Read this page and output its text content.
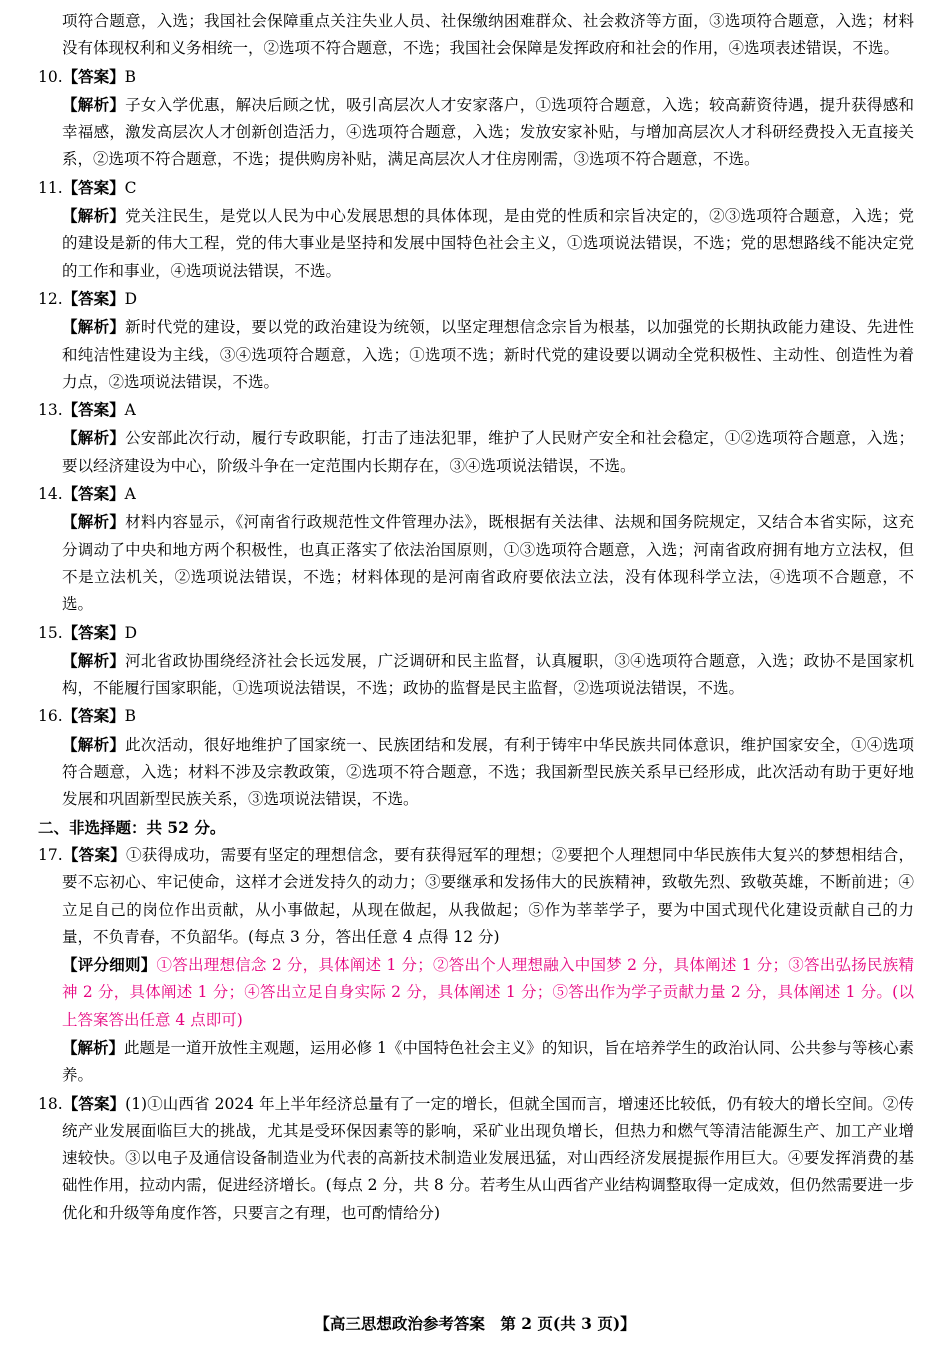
项符合题意，入选；我国社会保障重点关注失业人员、社保缴纳困难群众、社会救济等方面，③选项符合题意，入选；材料没有体现权利和义务相统一，②选项不符合题意，不选；我国社会保障是发挥政府和社会的作用，④选项表述错误，不选。

10.【答案】B

【解析】子女入学优惠，解决后顾之忧，吸引高层次人才安家落户，①选项符合题意，入选；较高薪资待遇，提升获得感和幸福感，激发高层次人才创新创造活力，④选项符合题意，入选；发放安家补贴，与增加高层次人才科研经费投入无直接关系，②选项不符合题意，不选；提供购房补贴，满足高层次人才住房刚需，③选项不符合题意，不选。

11.【答案】C

【解析】党关注民生，是党以人民为中心发展思想的具体体现，是由党的性质和宗旨决定的，②③选项符合题意，入选；党的建设是新的伟大工程，党的伟大事业是坚持和发展中国特色社会主义，①选项说法错误，不选；党的思想路线不能决定党的工作和事业，④选项说法错误，不选。

12.【答案】D

【解析】新时代党的建设，要以党的政治建设为统领，以坚定理想信念宗旨为根基，以加强党的长期执政能力建设、先进性和纯洁性建设为主线，③④选项符合题意，入选；①选项不选；新时代党的建设要以调动全党积极性、主动性、创造性为着力点，②选项说法错误，不选。

13.【答案】A

【解析】公安部此次行动，履行专政职能，打击了违法犯罪，维护了人民财产安全和社会稳定，①②选项符合题意，入选；要以经济建设为中心，阶级斗争在一定范围内长期存在，③④选项说法错误，不选。

14.【答案】A

【解析】材料内容显示，《河南省行政规范性文件管理办法》，既根据有关法律、法规和国务院规定，又结合本省实际，这充分调动了中央和地方两个积极性，也真正落实了依法治国原则，①③选项符合题意，入选；河南省政府拥有地方立法权，但不是立法机关，②选项说法错误，不选；材料体现的是河南省政府要依法立法，没有体现科学立法，④选项不合题意，不选。

15.【答案】D

【解析】河北省政协围绕经济社会长远发展，广泛调研和民主监督，认真履职，③④选项符合题意，入选；政协不是国家机构，不能履行国家职能，①选项说法错误，不选；政协的监督是民主监督，②选项说法错误，不选。

16.【答案】B

【解析】此次活动，很好地维护了国家统一、民族团结和发展，有利于铸牢中华民族共同体意识，维护国家安全，①④选项符合题意，入选；材料不涉及宗教政策，②选项不符合题意，不选；我国新型民族关系早已经形成，此次活动有助于更好地发展和巩固新型民族关系，③选项说法错误，不选。

二、非选择题：共 52 分。

17.【答案】①获得成功，需要有坚定的理想信念，要有获得冠军的理想；②要把个人理想同中华民族伟大复兴的梦想相结合，要不忘初心、牢记使命，这样才会迸发持久的动力；③要继承和发扬伟大的民族精神，致敬先烈、致敬英雄，不断前进；④立足自己的岗位作出贡献，从小事做起，从现在做起，从我做起；⑤作为莘莘学子，要为中国式现代化建设贡献自己的力量，不负青春，不负韶华。(每点 3 分，答出任意 4 点得 12 分)

【评分细则】①答出理想信念 2 分，具体阐述 1 分；②答出个人理想融入中国梦 2 分，具体阐述 1 分；③答出弘扬民族精神 2 分，具体阐述 1 分；④答出立足自身实际 2 分，具体阐述 1 分；⑤答出作为学子贡献力量 2 分，具体阐述 1 分。(以上答案答出任意 4 点即可)

【解析】此题是一道开放性主观题，运用必修 1《中国特色社会主义》的知识，旨在培养学生的政治认同、公共参与等核心素养。

18.【答案】(1)①山西省 2024 年上半年经济总量有了一定的增长，但就全国而言，增速还比较低，仍有较大的增长空间。②传统产业发展面临巨大的挑战，尤其是受环保因素等的影响，采矿业出现负增长，但热力和燃气等清洁能源生产、加工产业增速较快。③以电子及通信设备制造业为代表的高新技术制造业发展迅猛，对山西经济发展提振作用巨大。④要发挥消费的基础性作用，拉动内需，促进经济增长。(每点 2 分，共 8 分。若考生从山西省产业结构调整取得一定成效，但仍然需要进一步优化和升级等角度作答，只要言之有理，也可酌情给分)

【高三思想政治参考答案　第 2 页(共 3 页)】
